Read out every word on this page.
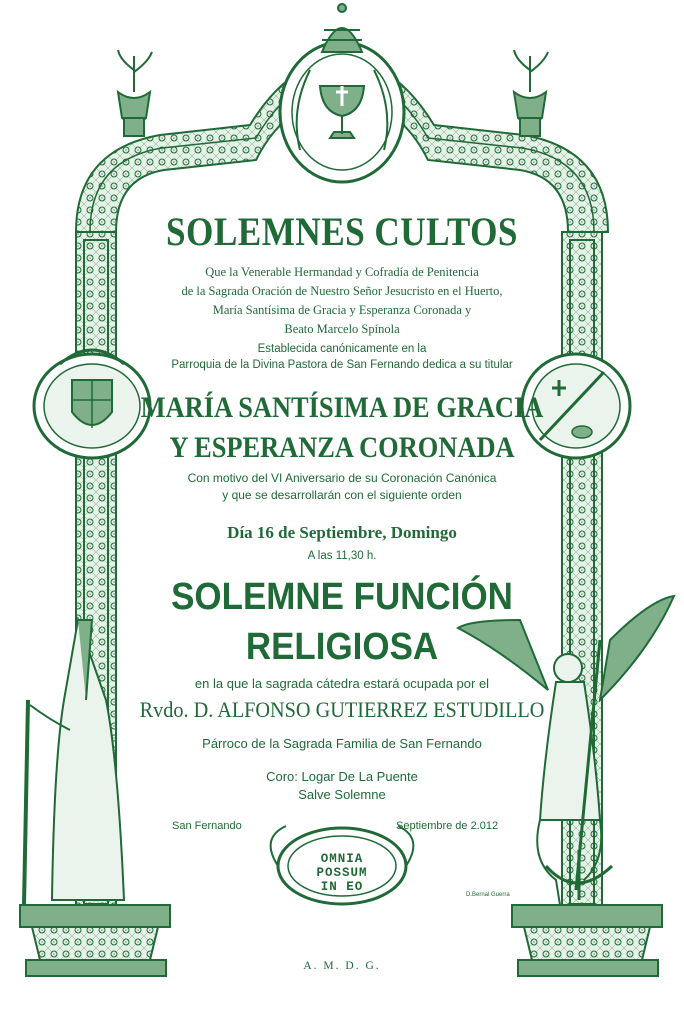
SOLEMNES CULTOS
Que la Venerable Hermandad y Cofradía de Penitencia
de la Sagrada Oración de Nuestro Señor Jesucristo en el Huerto,
María Santísima de Gracia y Esperanza Coronada y
Beato Marcelo Spínola
Establecida canónicamente en la
Parroquia de la Divina Pastora de San Fernando dedica a su titular
MARÍA SANTÍSIMA DE GRACIA
Y ESPERANZA CORONADA
Con motivo del VI Aniversario de su Coronación Canónica
y que se desarrollarán con el siguiente orden
Día 16 de Septiembre, Domingo
A las 11,30 h.
SOLEMNE FUNCIÓN
RELIGIOSA
en la que la sagrada cátedra estará ocupada por el
Rvdo. D. ALFONSO GUTIERREZ ESTUDILLO
Párroco de la Sagrada Familia de San Fernando
Coro: Logar De La Puente
Salve Solemne
San Fernando	Septiembre de 2.012
OMNIA
POSSUM
IN EO
D.Bernal Guerra
A. M. D. G.
